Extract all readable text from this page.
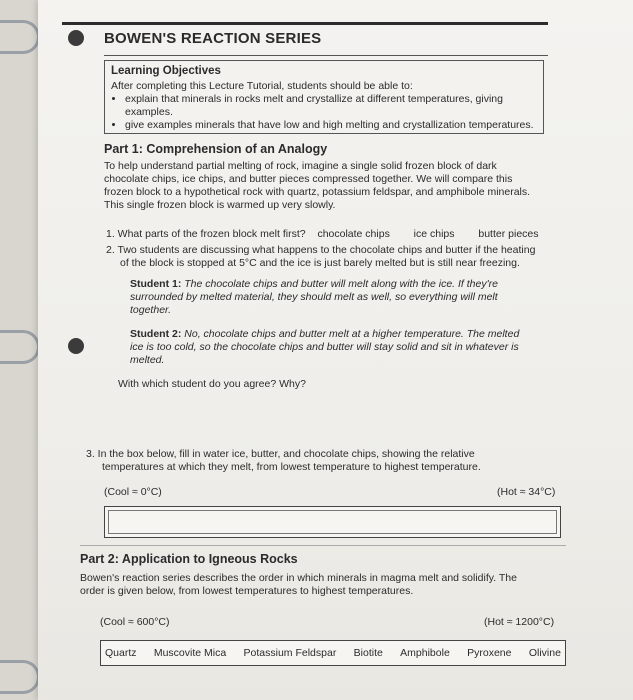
BOWEN'S REACTION SERIES
Learning Objectives
After completing this Lecture Tutorial, students should be able to:
• explain that minerals in rocks melt and crystallize at different temperatures, giving examples.
• give examples minerals that have low and high melting and crystallization temperatures.
Part 1: Comprehension of an Analogy
To help understand partial melting of rock, imagine a single solid frozen block of dark
chocolate chips, ice chips, and butter pieces compressed together. We will compare this
frozen block to a hypothetical rock with quartz, potassium feldspar, and amphibole minerals.
This single frozen block is warmed up very slowly.
1. What parts of the frozen block melt first? chocolate chips ice chips butter pieces
2. Two students are discussing what happens to the chocolate chips and butter if the heating
of the block is stopped at 5°C and the ice is just barely melted but is still near freezing.
Student 1: The chocolate chips and butter will melt along with the ice. If they're
surrounded by melted material, they should melt as well, so everything will melt
together.
Student 2: No, chocolate chips and butter melt at a higher temperature. The melted
ice is too cold, so the chocolate chips and butter will stay solid and sit in whatever is
melted.
With which student do you agree? Why?
3. In the box below, fill in water ice, butter, and chocolate chips, showing the relative
temperatures at which they melt, from lowest temperature to highest temperature.
(Cool ≈ 0°C)	(Hot ≈ 34°C)
Part 2: Application to Igneous Rocks
Bowen's reaction series describes the order in which minerals in magma melt and solidify. The
order is given below, from lowest temperatures to highest temperatures.
(Cool ≈ 600°C)	(Hot ≈ 1200°C)
Quartz Muscovite Mica Potassium Feldspar Biotite Amphibole Pyroxene Olivine
